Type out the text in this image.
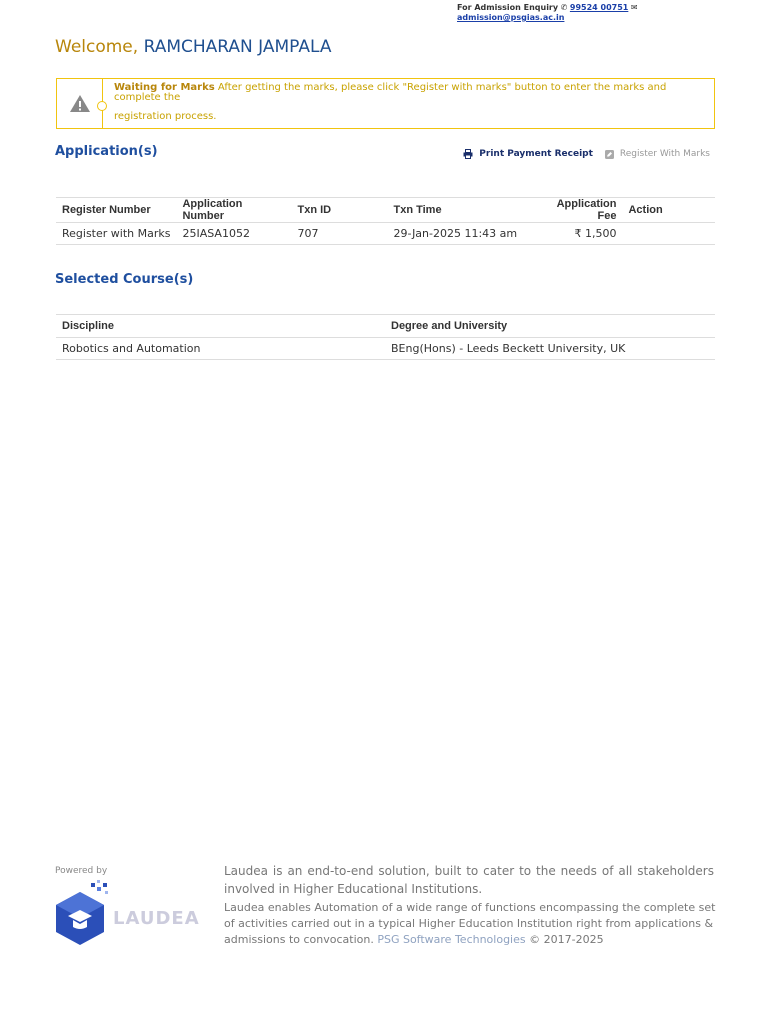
For Admission Enquiry ✆ 99524 00751 ✉
admission@psgias.ac.in
Welcome, RAMCHARAN JAMPALA
Waiting for Marks After getting the marks, please click "Register with marks" button to enter the marks and complete the
registration process.
Application(s)	Print Payment Receipt	Register With Marks
Register Number	Application Number	Txn ID	Txn Time	Application Fee	Action
Register with Marks	25IASA1052	707	29-Jan-2025 11:43 am	₹ 1,500	
Selected Course(s)
Discipline	Degree and University
Robotics and Automation	BEng(Hons) - Leeds Beckett University, UK
Powered by
LAUDEA
Laudea is an end-to-end solution, built to cater to the needs of all stakeholders involved in Higher Educational Institutions.
Laudea enables Automation of a wide range of functions encompassing the complete set of activities carried out in a typical Higher Education Institution right from applications & admissions to convocation. PSG Software Technologies © 2017-2025
